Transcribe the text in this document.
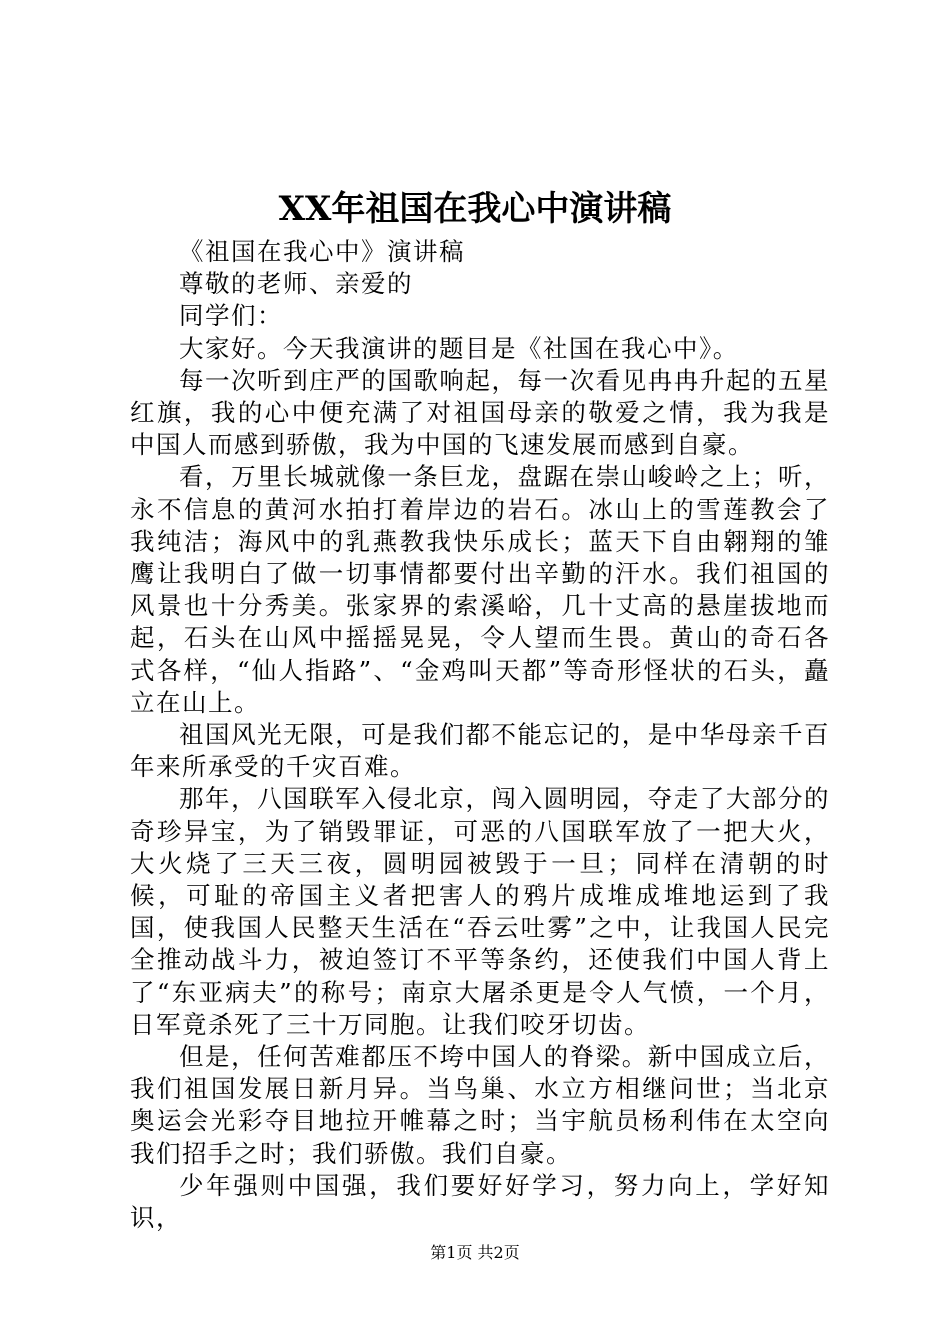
XX年祖国在我心中演讲稿

《祖国在我心中》演讲稿

尊敬的老师、亲爱的

同学们：

大家好。今天我演讲的题目是《社国在我心中》。

每一次听到庄严的国歌响起，每一次看见冉冉升起的五星红旗，我的心中便充满了对祖国母亲的敬爱之情，我为我是中国人而感到骄傲，我为中国的飞速发展而感到自豪。

看，万里长城就像一条巨龙，盘踞在崇山峻岭之上；听，永不信息的黄河水拍打着岸边的岩石。冰山上的雪莲教会了我纯洁；海风中的乳燕教我快乐成长；蓝天下自由翱翔的雏鹰让我明白了做一切事情都要付出辛勤的汗水。我们祖国的风景也十分秀美。张家界的索溪峪，几十丈高的悬崖拔地而起，石头在山风中摇摇晃晃，令人望而生畏。黄山的奇石各式各样，“仙人指路”、“金鸡叫天都”等奇形怪状的石头，矗立在山上。

祖国风光无限，可是我们都不能忘记的，是中华母亲千百年来所承受的千灾百难。

那年，八国联军入侵北京，闯入圆明园，夺走了大部分的奇珍异宝，为了销毁罪证，可恶的八国联军放了一把大火，大火烧了三天三夜，圆明园被毁于一旦；同样在清朝的时候，可耻的帝国主义者把害人的鸦片成堆成堆地运到了我国，使我国人民整天生活在“吞云吐雾”之中，让我国人民完全推动战斗力，被迫签订不平等条约，还使我们中国人背上了“东亚病夫”的称号；南京大屠杀更是令人气愤，一个月，日军竟杀死了三十万同胞。让我们咬牙切齿。

但是，任何苦难都压不垮中国人的脊梁。新中国成立后，我们祖国发展日新月异。当鸟巢、水立方相继问世；当北京奥运会光彩夺目地拉开帷幕之时；当宇航员杨利伟在太空向我们招手之时；我们骄傲。我们自豪。

少年强则中国强，我们要好好学习，努力向上，学好知识，

第1页 共2页
